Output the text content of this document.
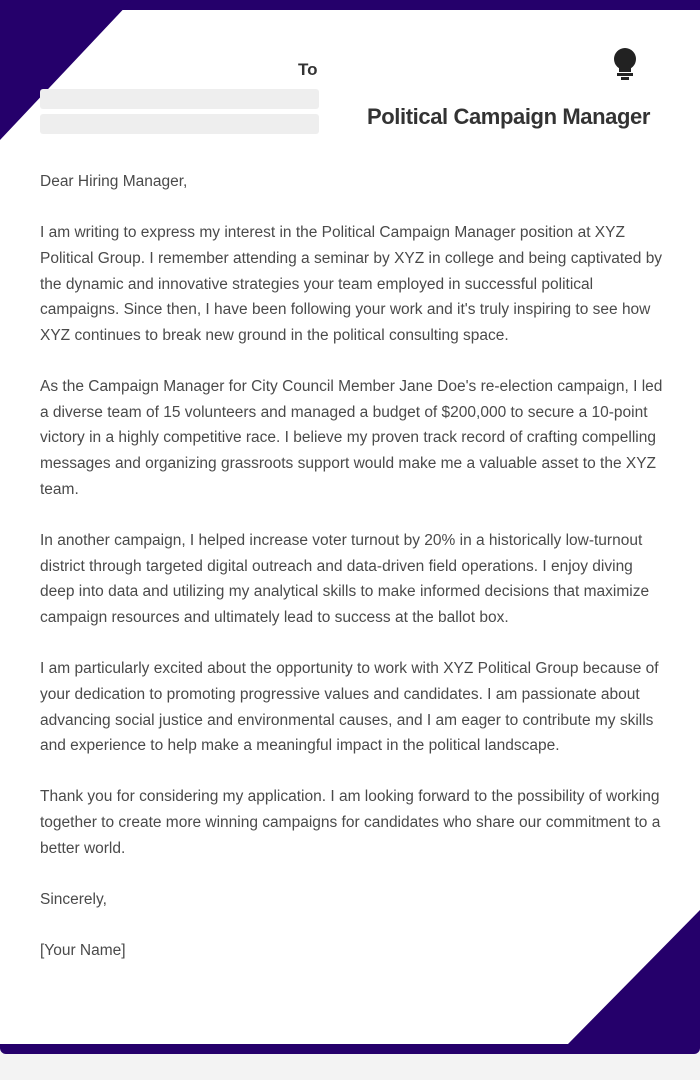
To
Political Campaign Manager

Dear Hiring Manager,

I am writing to express my interest in the Political Campaign Manager position at XYZ Political Group. I remember attending a seminar by XYZ in college and being captivated by the dynamic and innovative strategies your team employed in successful political campaigns. Since then, I have been following your work and it's truly inspiring to see how XYZ continues to break new ground in the political consulting space.

As the Campaign Manager for City Council Member Jane Doe's re-election campaign, I led a diverse team of 15 volunteers and managed a budget of $200,000 to secure a 10-point victory in a highly competitive race. I believe my proven track record of crafting compelling messages and organizing grassroots support would make me a valuable asset to the XYZ team.

In another campaign, I helped increase voter turnout by 20% in a historically low-turnout district through targeted digital outreach and data-driven field operations. I enjoy diving deep into data and utilizing my analytical skills to make informed decisions that maximize campaign resources and ultimately lead to success at the ballot box.

I am particularly excited about the opportunity to work with XYZ Political Group because of your dedication to promoting progressive values and candidates. I am passionate about advancing social justice and environmental causes, and I am eager to contribute my skills and experience to help make a meaningful impact in the political landscape.

Thank you for considering my application. I am looking forward to the possibility of working together to create more winning campaigns for candidates who share our commitment to a better world.

Sincerely,

[Your Name]
